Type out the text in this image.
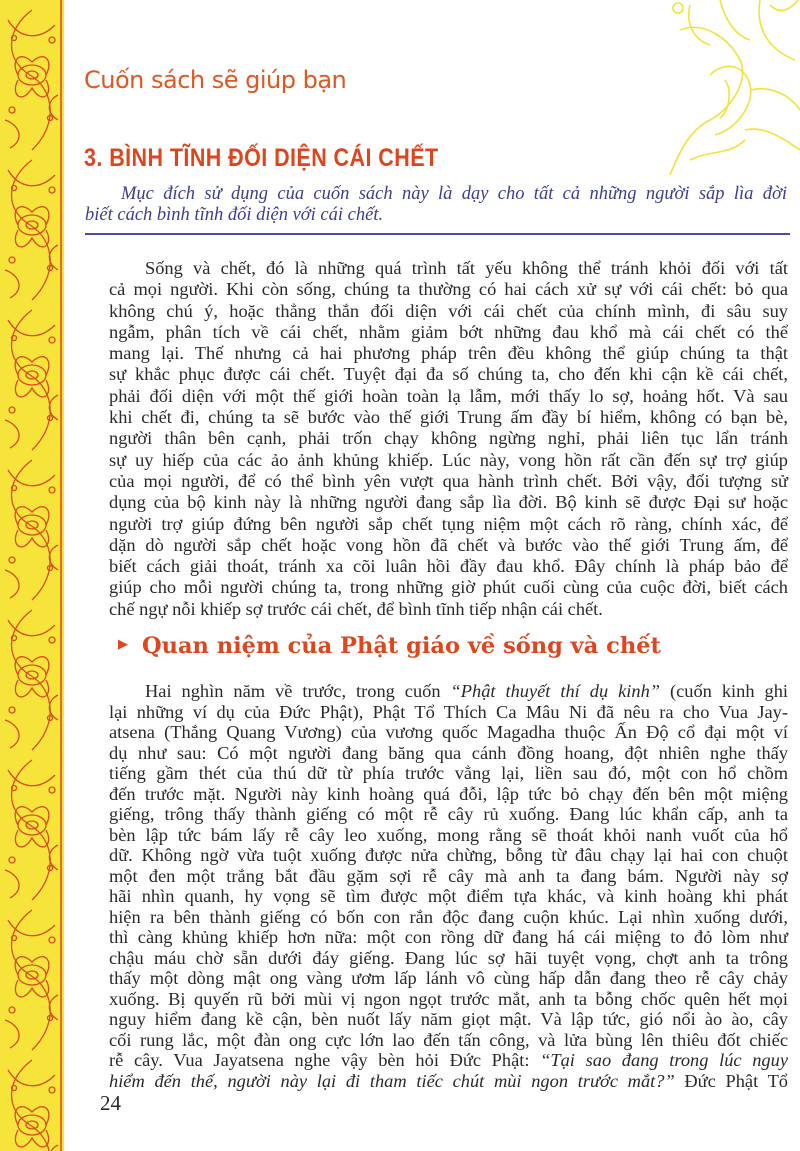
Cuốn sách sẽ giúp bạn
3. BÌNH TĨNH ĐỐI DIỆN CÁI CHẾT
Mục đích sử dụng của cuốn sách này là dạy cho tất cả những người sắp lìa đời
biết cách bình tĩnh đối diện với cái chết.
Sống và chết, đó là những quá trình tất yếu không thể tránh khỏi đối với tất
cả mọi người. Khi còn sống, chúng ta thường có hai cách xử sự với cái chết: bỏ qua
không chú ý, hoặc thẳng thắn đối diện với cái chết của chính mình, đi sâu suy
ngẫm, phân tích về cái chết, nhằm giảm bớt những đau khổ mà cái chết có thể
mang lại. Thế nhưng cả hai phương pháp trên đều không thể giúp chúng ta thật
sự khắc phục được cái chết. Tuyệt đại đa số chúng ta, cho đến khi cận kề cái chết,
phải đối diện với một thế giới hoàn toàn lạ lẫm, mới thấy lo sợ, hoảng hốt. Và sau
khi chết đi, chúng ta sẽ bước vào thế giới Trung ấm đầy bí hiểm, không có bạn bè,
người thân bên cạnh, phải trốn chạy không ngừng nghỉ, phải liên tục lẩn tránh
sự uy hiếp của các ảo ảnh khủng khiếp. Lúc này, vong hồn rất cần đến sự trợ giúp
của mọi người, để có thể bình yên vượt qua hành trình chết. Bởi vậy, đối tượng sử
dụng của bộ kinh này là những người đang sắp lìa đời. Bộ kinh sẽ được Đại sư hoặc
người trợ giúp đứng bên người sắp chết tụng niệm một cách rõ ràng, chính xác, để
dặn dò người sắp chết hoặc vong hồn đã chết và bước vào thế giới Trung ấm, để
biết cách giải thoát, tránh xa cõi luân hồi đầy đau khổ. Đây chính là pháp bảo để
giúp cho mỗi người chúng ta, trong những giờ phút cuối cùng của cuộc đời, biết cách
chế ngự nỗi khiếp sợ trước cái chết, để bình tĩnh tiếp nhận cái chết.
▶ Quan niệm của Phật giáo về sống và chết
Hai nghìn năm về trước, trong cuốn “Phật thuyết thí dụ kinh” (cuốn kinh ghi
lại những ví dụ của Đức Phật), Phật Tổ Thích Ca Mâu Ni đã nêu ra cho Vua Jay-
atsena (Thắng Quang Vương) của vương quốc Magadha thuộc Ấn Độ cổ đại một ví
dụ như sau: Có một người đang băng qua cánh đồng hoang, đột nhiên nghe thấy
tiếng gầm thét của thú dữ từ phía trước vẳng lại, liền sau đó, một con hổ chồm
đến trước mặt. Người này kinh hoàng quá đỗi, lập tức bỏ chạy đến bên một miệng
giếng, trông thấy thành giếng có một rễ cây rủ xuống. Đang lúc khẩn cấp, anh ta
bèn lập tức bám lấy rễ cây leo xuống, mong rằng sẽ thoát khỏi nanh vuốt của hổ
dữ. Không ngờ vừa tuột xuống được nửa chừng, bỗng từ đâu chạy lại hai con chuột
một đen một trắng bắt đầu gặm sợi rễ cây mà anh ta đang bám. Người này sợ
hãi nhìn quanh, hy vọng sẽ tìm được một điểm tựa khác, và kinh hoàng khi phát
hiện ra bên thành giếng có bốn con rắn độc đang cuộn khúc. Lại nhìn xuống dưới,
thì càng khủng khiếp hơn nữa: một con rồng dữ đang há cái miệng to đỏ lòm như
chậu máu chờ sẵn dưới đáy giếng. Đang lúc sợ hãi tuyệt vọng, chợt anh ta trông
thấy một dòng mật ong vàng ươm lấp lánh vô cùng hấp dẫn đang theo rễ cây chảy
xuống. Bị quyến rũ bởi mùi vị ngon ngọt trước mắt, anh ta bỗng chốc quên hết mọi
nguy hiểm đang kề cận, bèn nuốt lấy năm giọt mật. Và lập tức, gió nổi ào ào, cây
cối rung lắc, một đàn ong cực lớn lao đến tấn công, và lửa bùng lên thiêu đốt chiếc
rễ cây. Vua Jayatsena nghe vậy bèn hỏi Đức Phật: “Tại sao đang trong lúc nguy
hiểm đến thế, người này lại đi tham tiếc chút mùi ngon trước mắt?” Đức Phật Tổ
24
